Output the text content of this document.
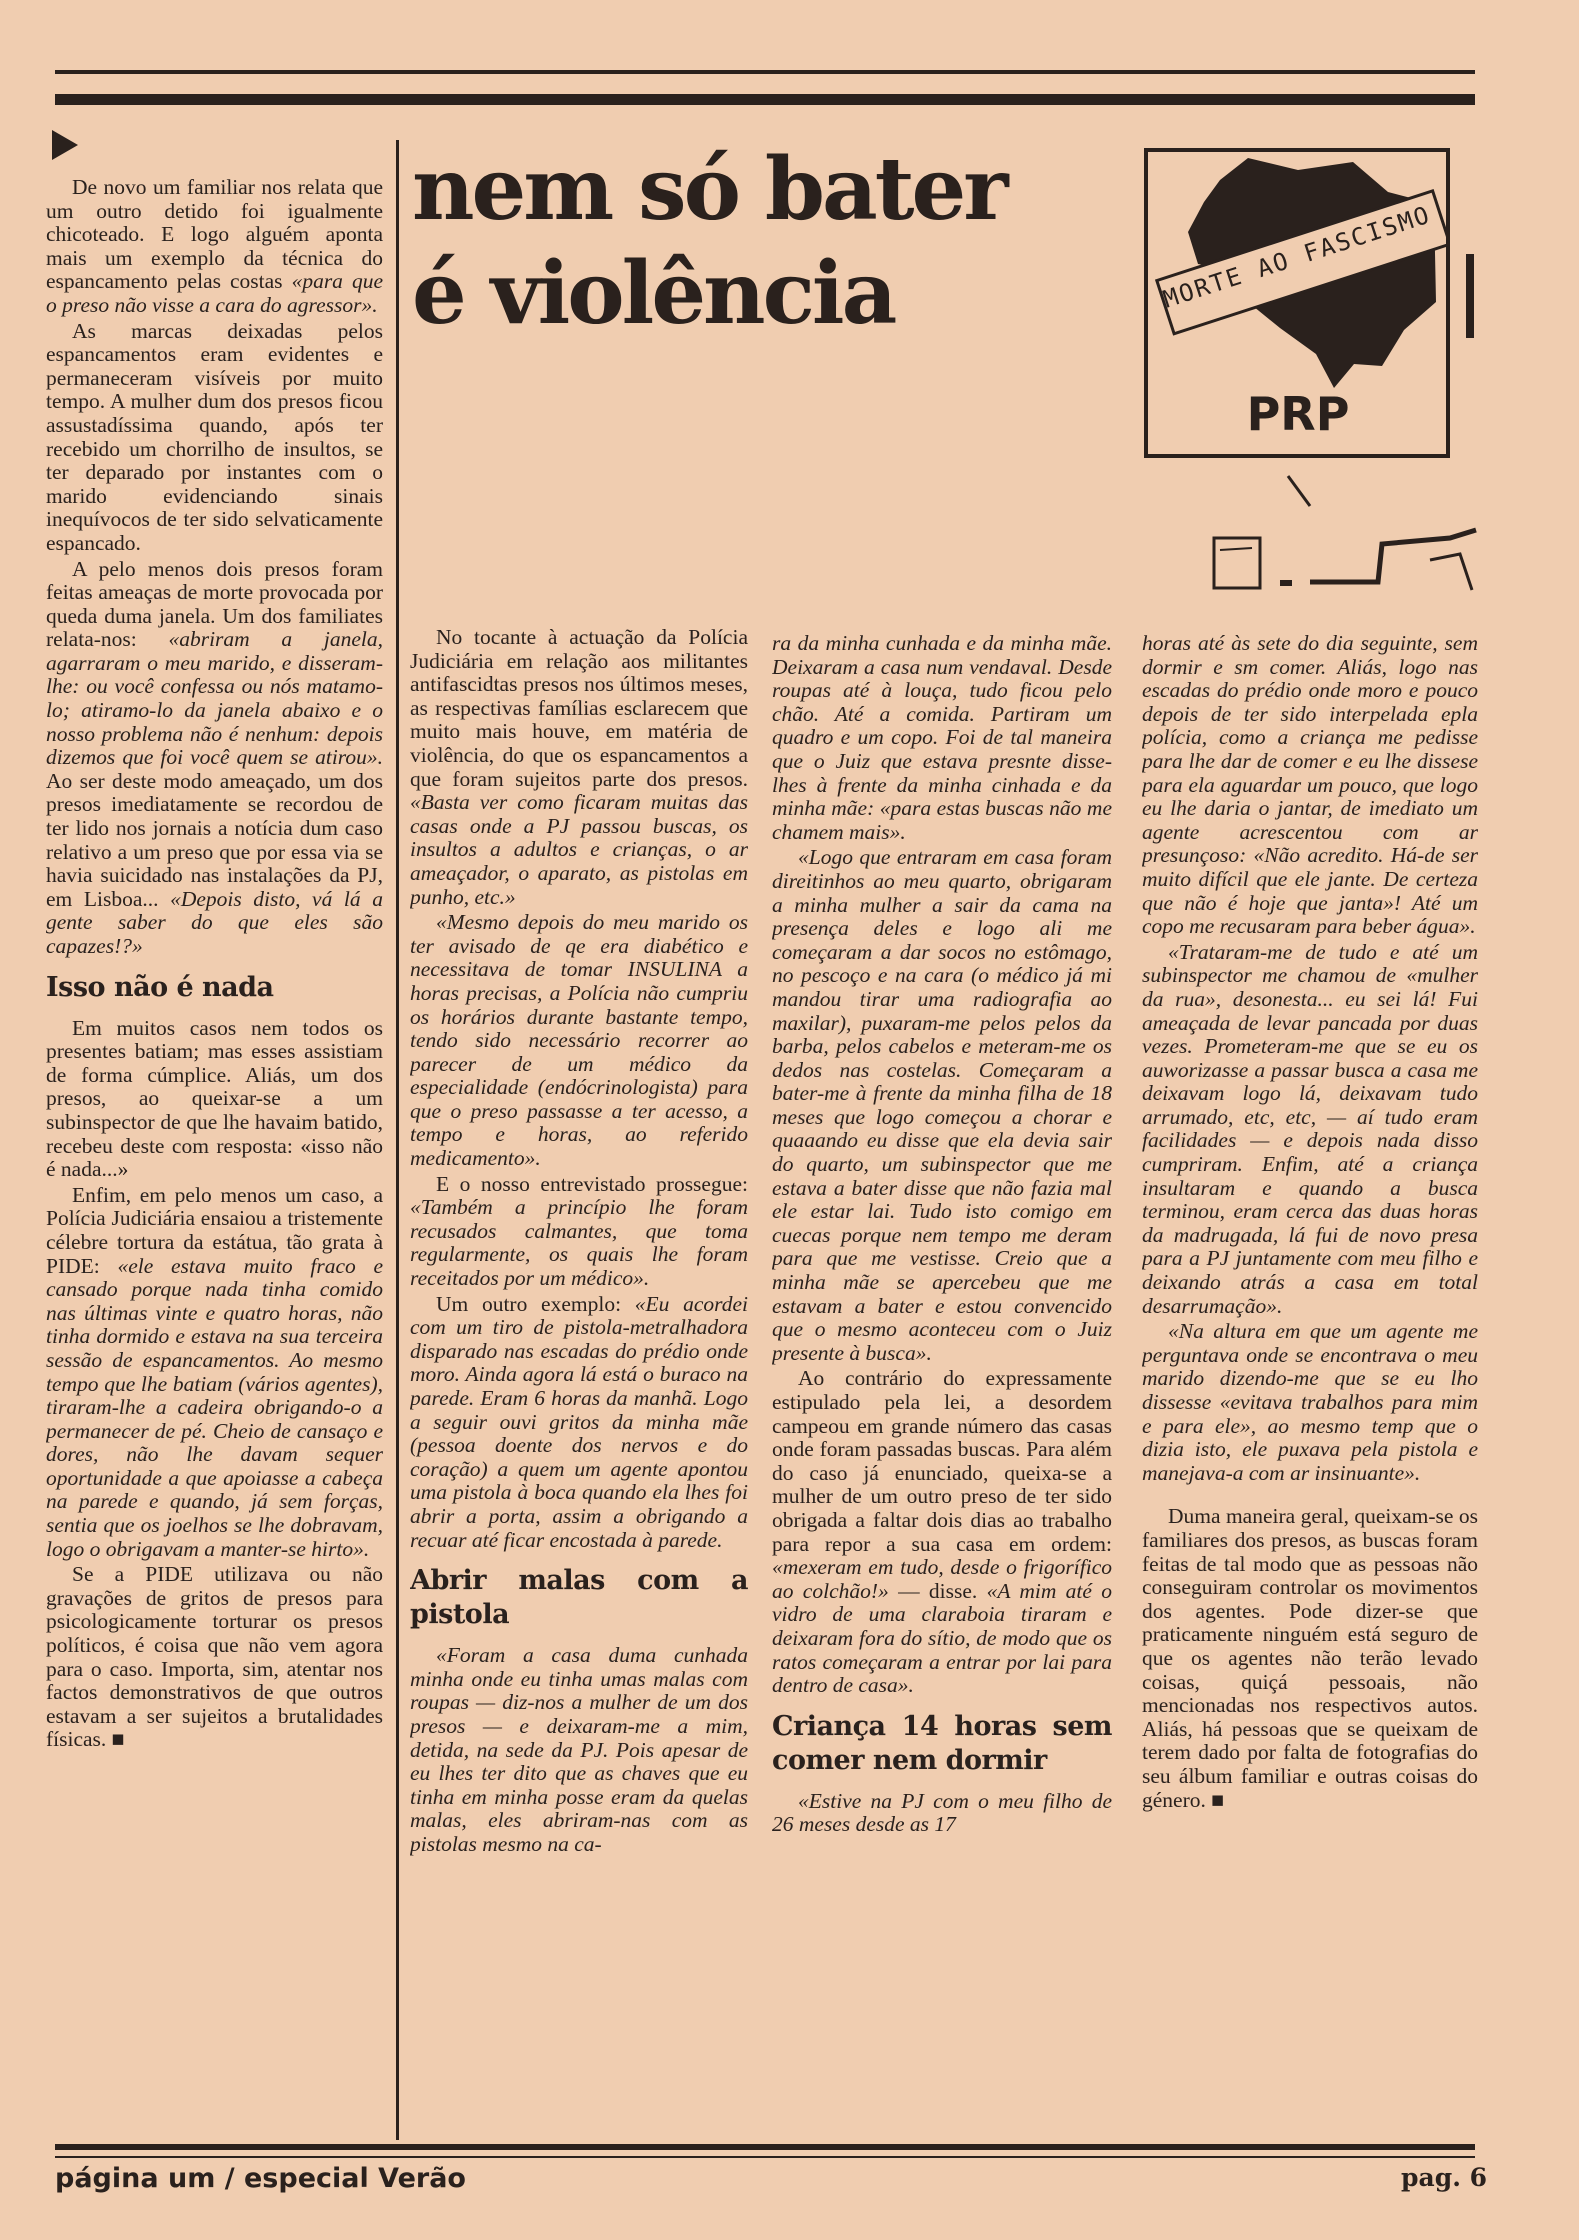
nem só bater
é violência
PRP
MORTE AO FASCISMO

De novo um familiar nos relata que um outro detido foi igualmente chicoteado. E logo alguém aponta mais um exemplo da técnica do espancamento pelas costas «para que o preso não visse a cara do agressor».

As marcas deixadas pelos espancamentos eram evidentes e permaneceram visíveis por muito tempo. A mulher dum dos presos ficou assustadíssima quando, após ter recebido um chorrilho de insultos, se ter deparado por instantes com o marido evidenciando sinais inequívocos de ter sido selvaticamente espancado.

A pelo menos dois presos foram feitas ameaças de morte provocada por queda duma janela. Um dos familiates relata-nos: «abriram a janela, agarraram o meu marido, e disseram-lhe: ou você confessa ou nós matamo-lo; atiramo-lo da janela abaixo e o nosso problema não é nenhum: depois dizemos que foi você quem se atirou». Ao ser deste modo ameaçado, um dos presos imediatamente se recordou de ter lido nos jornais a notícia dum caso relativo a um preso que por essa via se havia suicidado nas instalações da PJ, em Lisboa... «Depois disto, vá lá a gente saber do que eles são capazes!?»

Isso não é nada

Em muitos casos nem todos os presentes batiam; mas esses assistiam de forma cúmplice. Aliás, um dos presos, ao queixar-se a um subinspector de que lhe havaim batido, recebeu deste com resposta: «isso não é nada...»

Enfim, em pelo menos um caso, a Polícia Judiciária ensaiou a tristemente célebre tortura da estátua, tão grata à PIDE: «ele estava muito fraco e cansado porque nada tinha comido nas últimas vinte e quatro horas, não tinha dormido e estava na sua terceira sessão de espancamentos. Ao mesmo tempo que lhe batiam (vários agentes), tiraram-lhe a cadeira obrigando-o a permanecer de pé. Cheio de cansaço e dores, não lhe davam sequer oportunidade a que apoiasse a cabeça na parede e quando, já sem forças, sentia que os joelhos se lhe dobravam, logo o obrigavam a manter-se hirto».

Se a PIDE utilizava ou não gravações de gritos de presos para psicologicamente torturar os presos políticos, é coisa que não vem agora para o caso. Importa, sim, atentar nos factos demonstrativos de que outros estavam a ser sujeitos a brutalidades físicas. ■

No tocante à actuação da Polícia Judiciária em relação aos militantes antifascidtas presos nos últimos meses, as respectivas famílias esclarecem que muito mais houve, em matéria de violência, do que os espancamentos a que foram sujeitos parte dos presos. «Basta ver como ficaram muitas das casas onde a PJ passou buscas, os insultos a adultos e crianças, o ar ameaçador, o aparato, as pistolas em punho, etc.»

«Mesmo depois do meu marido os ter avisado de qe era diabético e necessitava de tomar INSULINA a horas precisas, a Polícia não cumpriu os horários durante bastante tempo, tendo sido necessário recorrer ao parecer de um médico da especialidade (endócrinologista) para que o preso passasse a ter acesso, a tempo e horas, ao referido medicamento».

E o nosso entrevistado prossegue: «Também a princípio lhe foram recusados calmantes, que toma regularmente, os quais lhe foram receitados por um médico».

Um outro exemplo: «Eu acordei com um tiro de pistola-metralhadora disparado nas escadas do prédio onde moro. Ainda agora lá está o buraco na parede. Eram 6 horas da manhã. Logo a seguir ouvi gritos da minha mãe (pessoa doente dos nervos e do coração) a quem um agente apontou uma pistola à boca quando ela lhes foi abrir a porta, assim a obrigando a recuar até ficar encostada à parede.

Abrir malas com a pistola

«Foram a casa duma cunhada minha onde eu tinha umas malas com roupas — diz-nos a mulher de um dos presos — e deixaram-me a mim, detida, na sede da PJ. Pois apesar de eu lhes ter dito que as chaves que eu tinha em minha posse eram da quelas malas, eles abriram-nas com as pistolas mesmo na ca-

ra da minha cunhada e da minha mãe. Deixaram a casa num vendaval. Desde roupas até à louça, tudo ficou pelo chão. Até a comida. Partiram um quadro e um copo. Foi de tal maneira que o Juiz que estava presnte disse-lhes à frente da minha cinhada e da minha mãe: «para estas buscas não me chamem mais».

«Logo que entraram em casa foram direitinhos ao meu quarto, obrigaram a minha mulher a sair da cama na presença deles e logo ali me começaram a dar socos no estômago, no pescoço e na cara (o médico já mi mandou tirar uma radiografia ao maxilar), puxaram-me pelos pelos da barba, pelos cabelos e meteram-me os dedos nas costelas. Começaram a bater-me à frente da minha filha de 18 meses que logo começou a chorar e quaaando eu disse que ela devia sair do quarto, um subinspector que me estava a bater disse que não fazia mal ele estar lai. Tudo isto comigo em cuecas porque nem tempo me deram para que me vestisse. Creio que a minha mãe se apercebeu que me estavam a bater e estou convencido que o mesmo aconteceu com o Juiz presente à busca».

Ao contrário do expressamente estipulado pela lei, a desordem campeou em grande número das casas onde foram passadas buscas. Para além do caso já enunciado, queixa-se a mulher de um outro preso de ter sido obrigada a faltar dois dias ao trabalho para repor a sua casa em ordem: «mexeram em tudo, desde o frigorífico ao colchão!» — disse. «A mim até o vidro de uma claraboia tiraram e deixaram fora do sítio, de modo que os ratos começaram a entrar por lai para dentro de casa».

Criança 14 horas sem comer nem dormir

«Estive na PJ com o meu filho de 26 meses desde as 17

horas até às sete do dia seguinte, sem dormir e sm comer. Aliás, logo nas escadas do prédio onde moro e pouco depois de ter sido interpelada epla polícia, como a criança me pedisse para lhe dar de comer e eu lhe dissese para ela aguardar um pouco, que logo eu lhe daria o jantar, de imediato um agente acrescentou com ar presunçoso: «Não acredito. Há-de ser muito difícil que ele jante. De certeza que não é hoje que janta»! Até um copo me recusaram para beber água».

«Trataram-me de tudo e até um subinspector me chamou de «mulher da rua», desonesta... eu sei lá! Fui ameaçada de levar pancada por duas vezes. Prometeram-me que se eu os auworizasse a passar busca a casa me deixavam logo lá, deixavam tudo arrumado, etc, etc, — aí tudo eram facilidades — e depois nada disso cumpriram. Enfim, até a criança insultaram e quando a busca terminou, eram cerca das duas horas da madrugada, lá fui de novo presa para a PJ juntamente com meu filho e deixando atrás a casa em total desarrumação».

«Na altura em que um agente me perguntava onde se encontrava o meu marido dizendo-me que se eu lho dissesse «evitava trabalhos para mim e para ele», ao mesmo temp que o dizia isto, ele puxava pela pistola e manejava-a com ar insinuante».

Duma maneira geral, queixam-se os familiares dos presos, as buscas foram feitas de tal modo que as pessoas não conseguiram controlar os movimentos dos agentes. Pode dizer-se que praticamente ninguém está seguro de que os agentes não terão levado coisas, quiçá pessoais, não mencionadas nos respectivos autos. Aliás, há pessoas que se queixam de terem dado por falta de fotografias do seu álbum familiar e outras coisas do género. ■

página um / especial Verão	pag. 6
